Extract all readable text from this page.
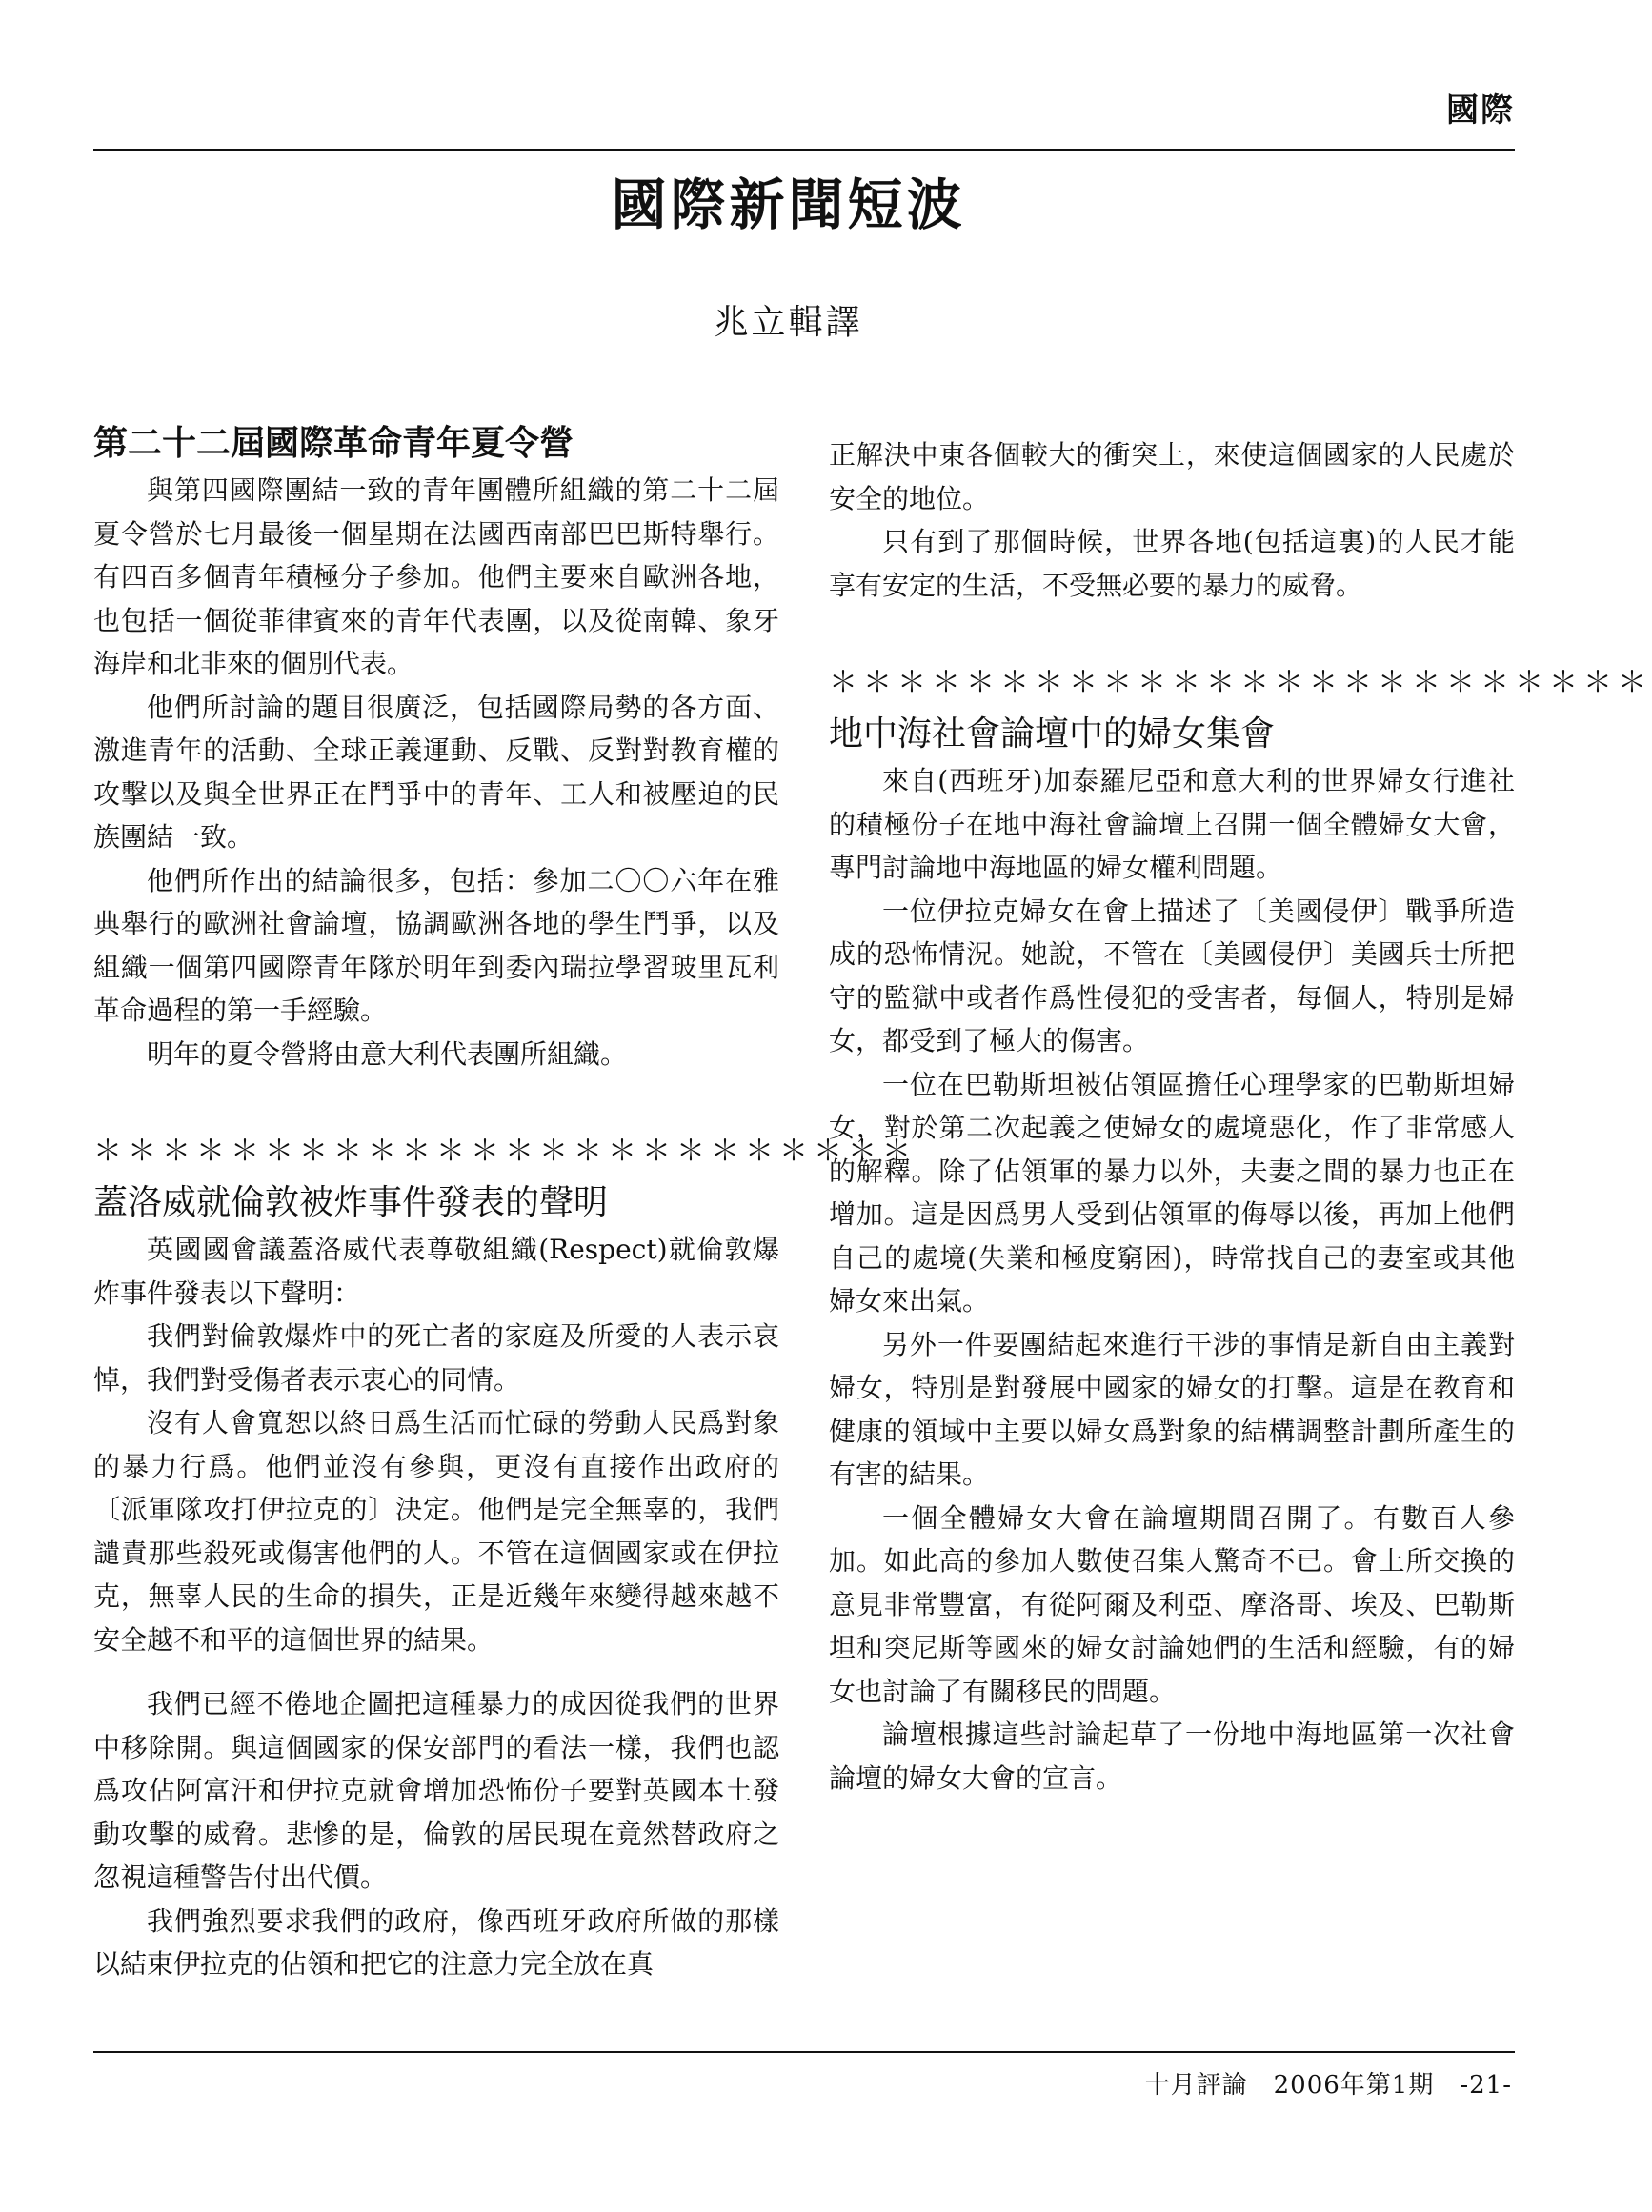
國際
國際新聞短波
兆立輯譯
第二十二屆國際革命青年夏令營

與第四國際團結一致的青年團體所組織的第二十二屆夏令營於七月最後一個星期在法國西南部巴巴斯特舉行。有四百多個青年積極分子參加。他們主要來自歐洲各地，也包括一個從菲律賓來的青年代表團，以及從南韓、象牙海岸和北非來的個別代表。

他們所討論的題目很廣泛，包括國際局勢的各方面、激進青年的活動、全球正義運動、反戰、反對對教育權的攻擊以及與全世界正在鬥爭中的青年、工人和被壓迫的民族團結一致。

他們所作出的結論很多，包括：參加二〇〇六年在雅典舉行的歐洲社會論壇，協調歐洲各地的學生鬥爭，以及組織一個第四國際青年隊於明年到委內瑞拉學習玻里瓦利革命過程的第一手經驗。

明年的夏令營將由意大利代表團所組織。

＊＊＊＊＊＊＊＊＊＊＊＊＊＊＊＊＊＊＊＊＊＊＊＊
蓋洛威就倫敦被炸事件發表的聲明

英國國會議蓋洛威代表尊敬組織(Respect)就倫敦爆炸事件發表以下聲明：

我們對倫敦爆炸中的死亡者的家庭及所愛的人表示哀悼，我們對受傷者表示衷心的同情。

沒有人會寬恕以終日爲生活而忙碌的勞動人民爲對象的暴力行爲。他們並沒有參與，更沒有直接作出政府的〔派軍隊攻打伊拉克的〕決定。他們是完全無辜的，我們譴責那些殺死或傷害他們的人。不管在這個國家或在伊拉克，無辜人民的生命的損失，正是近幾年來變得越來越不安全越不和平的這個世界的結果。

我們已經不倦地企圖把這種暴力的成因從我們的世界中移除開。與這個國家的保安部門的看法一樣，我們也認爲攻佔阿富汗和伊拉克就會增加恐怖份子要對英國本土發動攻擊的威脅。悲慘的是，倫敦的居民現在竟然替政府之忽視這種警告付出代價。

我們強烈要求我們的政府，像西班牙政府所做的那樣以結束伊拉克的佔領和把它的注意力完全放在真

正解決中東各個較大的衝突上，來使這個國家的人民處於安全的地位。

只有到了那個時候，世界各地(包括這裏)的人民才能享有安定的生活，不受無必要的暴力的威脅。

＊＊＊＊＊＊＊＊＊＊＊＊＊＊＊＊＊＊＊＊＊＊＊＊
地中海社會論壇中的婦女集會

來自(西班牙)加泰羅尼亞和意大利的世界婦女行進社的積極份子在地中海社會論壇上召開一個全體婦女大會，專門討論地中海地區的婦女權利問題。

一位伊拉克婦女在會上描述了〔美國侵伊〕戰爭所造成的恐怖情況。她說，不管在〔美國侵伊〕美國兵士所把守的監獄中或者作爲性侵犯的受害者，每個人，特別是婦女，都受到了極大的傷害。

一位在巴勒斯坦被佔領區擔任心理學家的巴勒斯坦婦女，對於第二次起義之使婦女的處境惡化，作了非常感人的解釋。除了佔領軍的暴力以外，夫妻之間的暴力也正在增加。這是因爲男人受到佔領軍的侮辱以後，再加上他們自己的處境(失業和極度窮困)，時常找自己的妻室或其他婦女來出氣。

另外一件要團結起來進行干涉的事情是新自由主義對婦女，特別是對發展中國家的婦女的打擊。這是在教育和健康的領域中主要以婦女爲對象的結構調整計劃所產生的有害的結果。

一個全體婦女大會在論壇期間召開了。有數百人參加。如此高的參加人數使召集人驚奇不已。會上所交換的意見非常豐富，有從阿爾及利亞、摩洛哥、埃及、巴勒斯坦和突尼斯等國來的婦女討論她們的生活和經驗，有的婦女也討論了有關移民的問題。

論壇根據這些討論起草了一份地中海地區第一次社會論壇的婦女大會的宣言。

十月評論　2006年第1期　-21-
